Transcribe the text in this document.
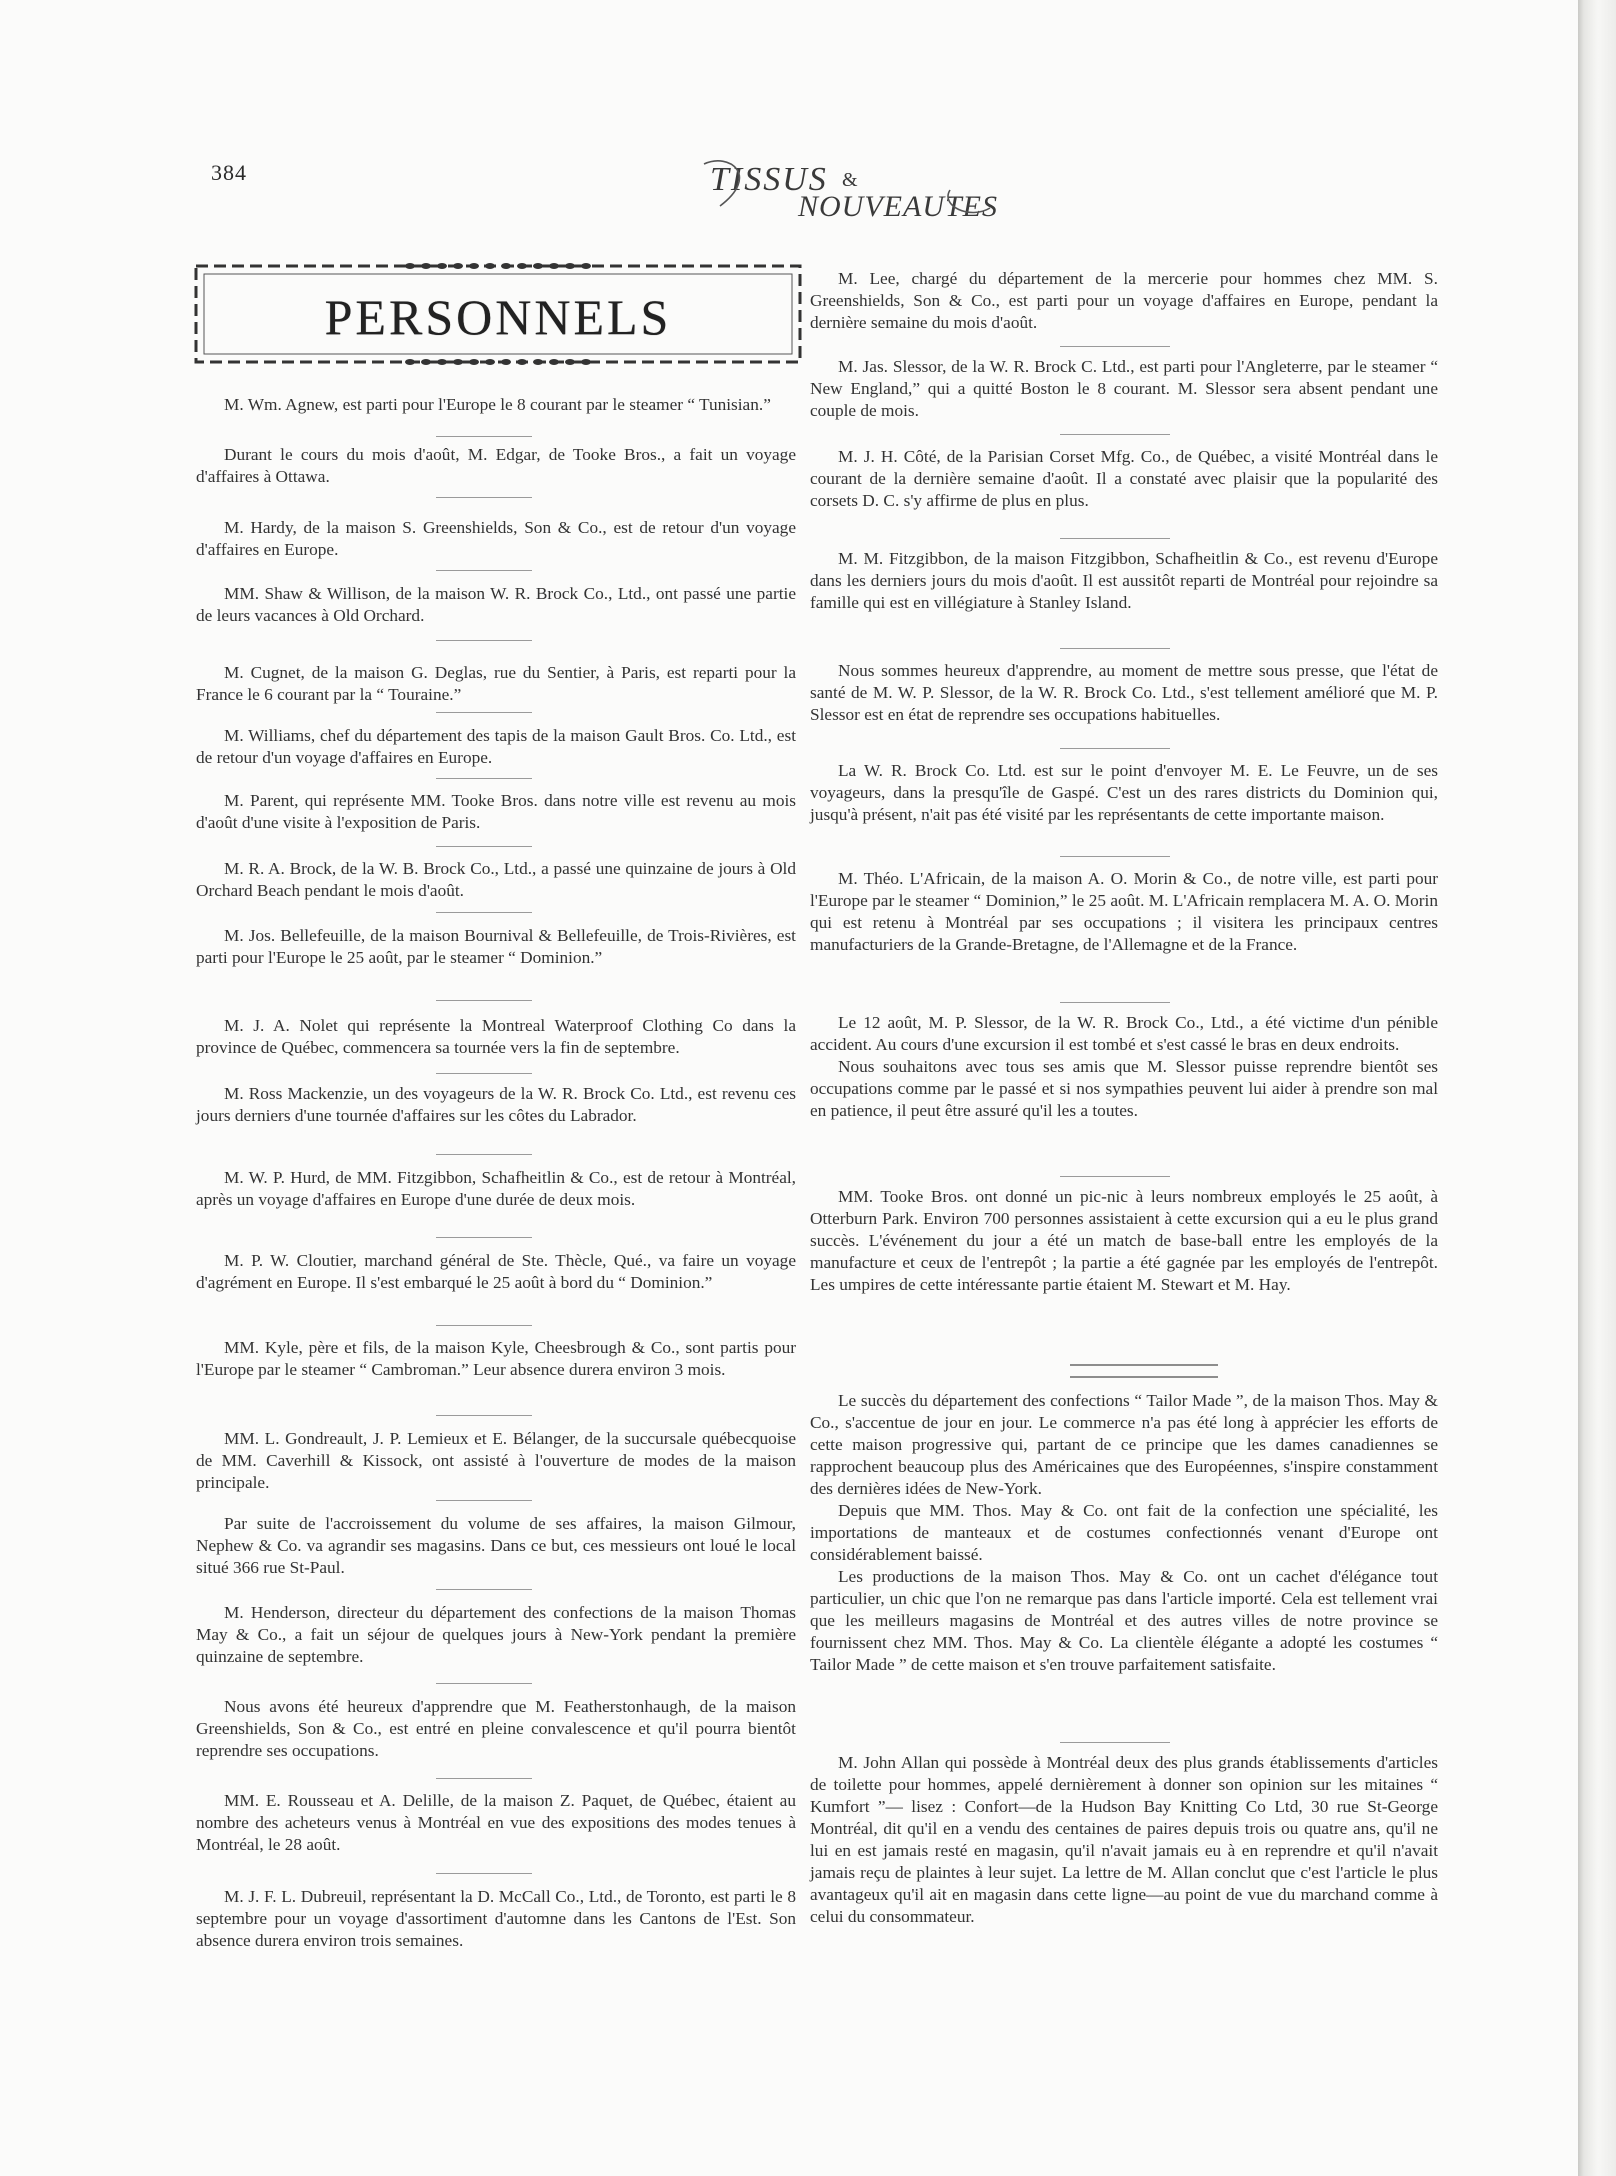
384	TISSUS &
NOUVEAUTES
PERSONNELS

M. Wm. Agnew, est parti pour l'Europe le 8 courant par le steamer “ Tunisian.”

Durant le cours du mois d'août, M. Edgar, de Tooke Bros., a fait un voyage d'affaires à Ottawa.

M. Hardy, de la maison S. Greenshields, Son & Co., est de retour d'un voyage d'affaires en Europe.

MM. Shaw & Willison, de la maison W. R. Brock Co., Ltd., ont passé une partie de leurs vacances à Old Orchard.

M. Cugnet, de la maison G. Deglas, rue du Sentier, à Paris, est reparti pour la France le 6 courant par la “ Touraine.”

M. Williams, chef du département des tapis de la maison Gault Bros. Co. Ltd., est de retour d'un voyage d'affaires en Europe.

M. Parent, qui représente MM. Tooke Bros. dans notre ville est revenu au mois d'août d'une visite à l'exposition de Paris.

M. R. A. Brock, de la W. B. Brock Co., Ltd., a passé une quinzaine de jours à Old Orchard Beach pendant le mois d'août.

M. Jos. Bellefeuille, de la maison Bournival & Bellefeuille, de Trois-Rivières, est parti pour l'Europe le 25 août, par le steamer “ Dominion.”

M. J. A. Nolet qui représente la Montreal Waterproof Clothing Co dans la province de Québec, commencera sa tournée vers la fin de septembre.

M. Ross Mackenzie, un des voyageurs de la W. R. Brock Co. Ltd., est revenu ces jours derniers d'une tournée d'affaires sur les côtes du Labrador.

M. W. P. Hurd, de MM. Fitzgibbon, Schafheitlin & Co., est de retour à Montréal, après un voyage d'affaires en Europe d'une durée de deux mois.

M. P. W. Cloutier, marchand général de Ste. Thècle, Qué., va faire un voyage d'agrément en Europe. Il s'est embarqué le 25 août à bord du “ Dominion.”

MM. Kyle, père et fils, de la maison Kyle, Cheesbrough & Co., sont partis pour l'Europe par le steamer “ Cambroman.” Leur absence durera environ 3 mois.

MM. L. Gondreault, J. P. Lemieux et E. Bélanger, de la succursale québecquoise de MM. Caverhill & Kissock, ont assisté à l'ouverture de modes de la maison principale.

Par suite de l'accroissement du volume de ses affaires, la maison Gilmour, Nephew & Co. va agrandir ses magasins. Dans ce but, ces messieurs ont loué le local situé 366 rue St-Paul.

M. Henderson, directeur du département des confections de la maison Thomas May & Co., a fait un séjour de quelques jours à New-York pendant la première quinzaine de septembre.

Nous avons été heureux d'apprendre que M. Featherstonhaugh, de la maison Greenshields, Son & Co., est entré en pleine convalescence et qu'il pourra bientôt reprendre ses occupations.

MM. E. Rousseau et A. Delille, de la maison Z. Paquet, de Québec, étaient au nombre des acheteurs venus à Montréal en vue des expositions des modes tenues à Montréal, le 28 août.

M. J. F. L. Dubreuil, représentant la D. McCall Co., Ltd., de Toronto, est parti le 8 septembre pour un voyage d'assortiment d'automne dans les Cantons de l'Est. Son absence durera environ trois semaines.

M. Lee, chargé du département de la mercerie pour hommes chez MM. S. Greenshields, Son & Co., est parti pour un voyage d'affaires en Europe, pendant la dernière semaine du mois d'août.

M. Jas. Slessor, de la W. R. Brock C. Ltd., est parti pour l'Angleterre, par le steamer “ New England,” qui a quitté Boston le 8 courant. M. Slessor sera absent pendant une couple de mois.

M. J. H. Côté, de la Parisian Corset Mfg. Co., de Québec, a visité Montréal dans le courant de la dernière semaine d'août. Il a constaté avec plaisir que la popularité des corsets D. C. s'y affirme de plus en plus.

M. M. Fitzgibbon, de la maison Fitzgibbon, Schafheitlin & Co., est revenu d'Europe dans les derniers jours du mois d'août. Il est aussitôt reparti de Montréal pour rejoindre sa famille qui est en villégiature à Stanley Island.

Nous sommes heureux d'apprendre, au moment de mettre sous presse, que l'état de santé de M. W. P. Slessor, de la W. R. Brock Co. Ltd., s'est tellement amélioré que M. P. Slessor est en état de reprendre ses occupations habituelles.

La W. R. Brock Co. Ltd. est sur le point d'envoyer M. E. Le Feuvre, un de ses voyageurs, dans la presqu'île de Gaspé. C'est un des rares districts du Dominion qui, jusqu'à présent, n'ait pas été visité par les représentants de cette importante maison.

M. Théo. L'Africain, de la maison A. O. Morin & Co., de notre ville, est parti pour l'Europe par le steamer “ Dominion,” le 25 août. M. L'Africain remplacera M. A. O. Morin qui est retenu à Montréal par ses occupations ; il visitera les principaux centres manufacturiers de la Grande-Bretagne, de l'Allemagne et de la France.

Le 12 août, M. P. Slessor, de la W. R. Brock Co., Ltd., a été victime d'un pénible accident. Au cours d'une excursion il est tombé et s'est cassé le bras en deux endroits.

Nous souhaitons avec tous ses amis que M. Slessor puisse reprendre bientôt ses occupations comme par le passé et si nos sympathies peuvent lui aider à prendre son mal en patience, il peut être assuré qu'il les a toutes.

MM. Tooke Bros. ont donné un pic-nic à leurs nombreux employés le 25 août, à Otterburn Park. Environ 700 personnes assistaient à cette excursion qui a eu le plus grand succès. L'événement du jour a été un match de base-ball entre les employés de la manufacture et ceux de l'entrepôt ; la partie a été gagnée par les employés de l'entrepôt. Les umpires de cette intéressante partie étaient M. Stewart et M. Hay.

Le succès du département des confections “ Tailor Made ”, de la maison Thos. May & Co., s'accentue de jour en jour. Le commerce n'a pas été long à apprécier les efforts de cette maison progressive qui, partant de ce principe que les dames canadiennes se rapprochent beaucoup plus des Américaines que des Européennes, s'inspire constamment des dernières idées de New-York.

Depuis que MM. Thos. May & Co. ont fait de la confection une spécialité, les importations de manteaux et de costumes confectionnés venant d'Europe ont considérablement baissé.

Les productions de la maison Thos. May & Co. ont un cachet d'élégance tout particulier, un chic que l'on ne remarque pas dans l'article importé. Cela est tellement vrai que les meilleurs magasins de Montréal et des autres villes de notre province se fournissent chez MM. Thos. May & Co. La clientèle élégante a adopté les costumes “ Tailor Made ” de cette maison et s'en trouve parfaitement satisfaite.

M. John Allan qui possède à Montréal deux des plus grands établissements d'articles de toilette pour hommes, appelé dernièrement à donner son opinion sur les mitaines “ Kumfort ”— lisez : Confort—de la Hudson Bay Knitting Co Ltd, 30 rue St-George Montréal, dit qu'il en a vendu des centaines de paires depuis trois ou quatre ans, qu'il ne lui en est jamais resté en magasin, qu'il n'avait jamais eu à en reprendre et qu'il n'avait jamais reçu de plaintes à leur sujet. La lettre de M. Allan conclut que c'est l'article le plus avantageux qu'il ait en magasin dans cette ligne—au point de vue du marchand comme à celui du consommateur.
